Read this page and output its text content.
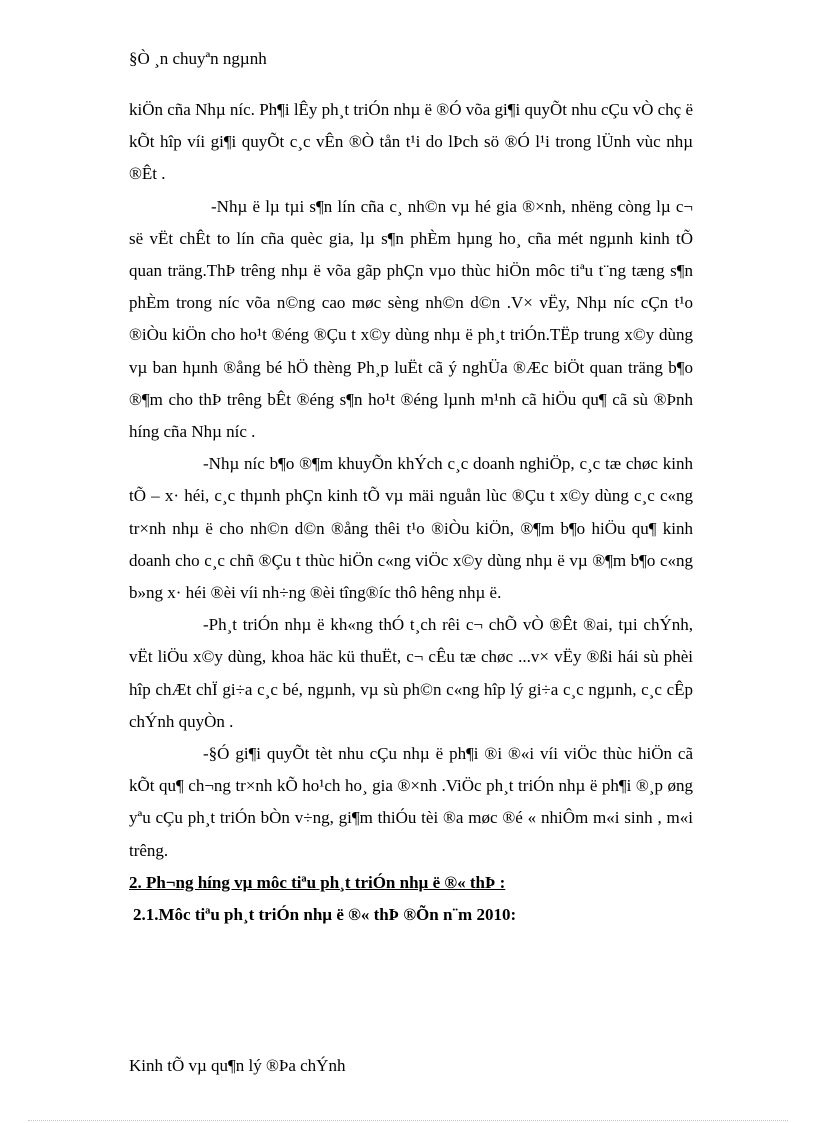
§Ò ¸n chuyªn ngµnh

kiÖn cña Nhµ níc. Ph¶i lÊy ph¸t triÓn nhµ ë ®Ó võa gi¶i quyÕt nhu cÇu vÒ chç ë kÕt hîp víi gi¶i quyÕt c¸c vÊn ®Ò tån t¹i do lÞch sö ®Ó l¹i trong lÜnh vùc nhµ ®Êt .

-Nhµ ë lµ tµi s¶n lín cña c¸ nh©n vµ hé gia ®×nh, nhëng còng lµ c¬ së vËt chÊt to lín cña quèc gia, lµ s¶n phÈm hµng ho¸ cña mét ngµnh kinh tÕ quan träng.ThÞ trêng nhµ ë võa gãp phÇn vµo thùc hiÖn môc tiªu t¨ng tæng s¶n phÈm trong níc võa n©ng cao møc sèng nh©n d©n .V× vËy, Nhµ níc cÇn t¹o ®iÒu kiÖn cho ho¹t ®éng ®Çu t x©y dùng nhµ ë ph¸t triÓn.TËp trung x©y dùng vµ ban hµnh ®ång bé hÖ thèng Ph¸p luËt cã ý nghÜa ®Æc biÖt quan träng b¶o ®¶m cho thÞ trêng bÊt ®éng s¶n ho¹t ®éng lµnh m¹nh cã hiÖu qu¶ cã sù ®Þnh híng cña Nhµ níc .

-Nhµ níc b¶o ®¶m khuyÕn khÝch c¸c doanh nghiÖp, c¸c tæ chøc kinh tÕ – x· héi, c¸c thµnh phÇn kinh tÕ vµ mäi nguån lùc ®Çu t x©y dùng c¸c c«ng tr×nh nhµ ë cho nh©n d©n ®ång thêi t¹o ®iÒu kiÖn, ®¶m b¶o hiÖu qu¶ kinh doanh cho c¸c chñ ®Çu t thùc hiÖn c«ng viÖc x©y dùng nhµ ë vµ ®¶m b¶o c«ng b»ng x· héi ®èi víi nh÷ng ®èi tîng®íc thô hêng nhµ ë.

-Ph¸t triÓn nhµ ë kh«ng thÓ t¸ch rêi c¬ chÕ vÒ ®Êt ®ai, tµi chÝnh, vËt liÖu x©y dùng, khoa häc kü thuËt, c¬ cÊu tæ chøc ...v× vËy ®ßi hái sù phèi hîp chÆt chÏ gi÷a c¸c bé, ngµnh, vµ sù ph©n c«ng hîp lý gi÷a c¸c ngµnh, c¸c cÊp chÝnh quyÒn .

-§Ó gi¶i quyÕt tèt nhu cÇu nhµ ë ph¶i ®i ®«i víi viÖc thùc hiÖn cã kÕt qu¶ ch¬ng tr×nh kÕ ho¹ch ho¸ gia ®×nh .ViÖc ph¸t triÓn nhµ ë ph¶i ®¸p øng yªu cÇu ph¸t triÓn bÒn v÷ng, gi¶m thiÓu tèi ®a møc ®é « nhiÔm m«i sinh , m«i trêng.

2. Ph¬ng híng vµ môc tiªu ph¸t triÓn nhµ ë ®« thÞ :

2.1.Môc tiªu ph¸t triÓn nhµ ë ®« thÞ ®Õn n¨m 2010:

Kinh tÕ vµ qu¶n lý ®Þa chÝnh
